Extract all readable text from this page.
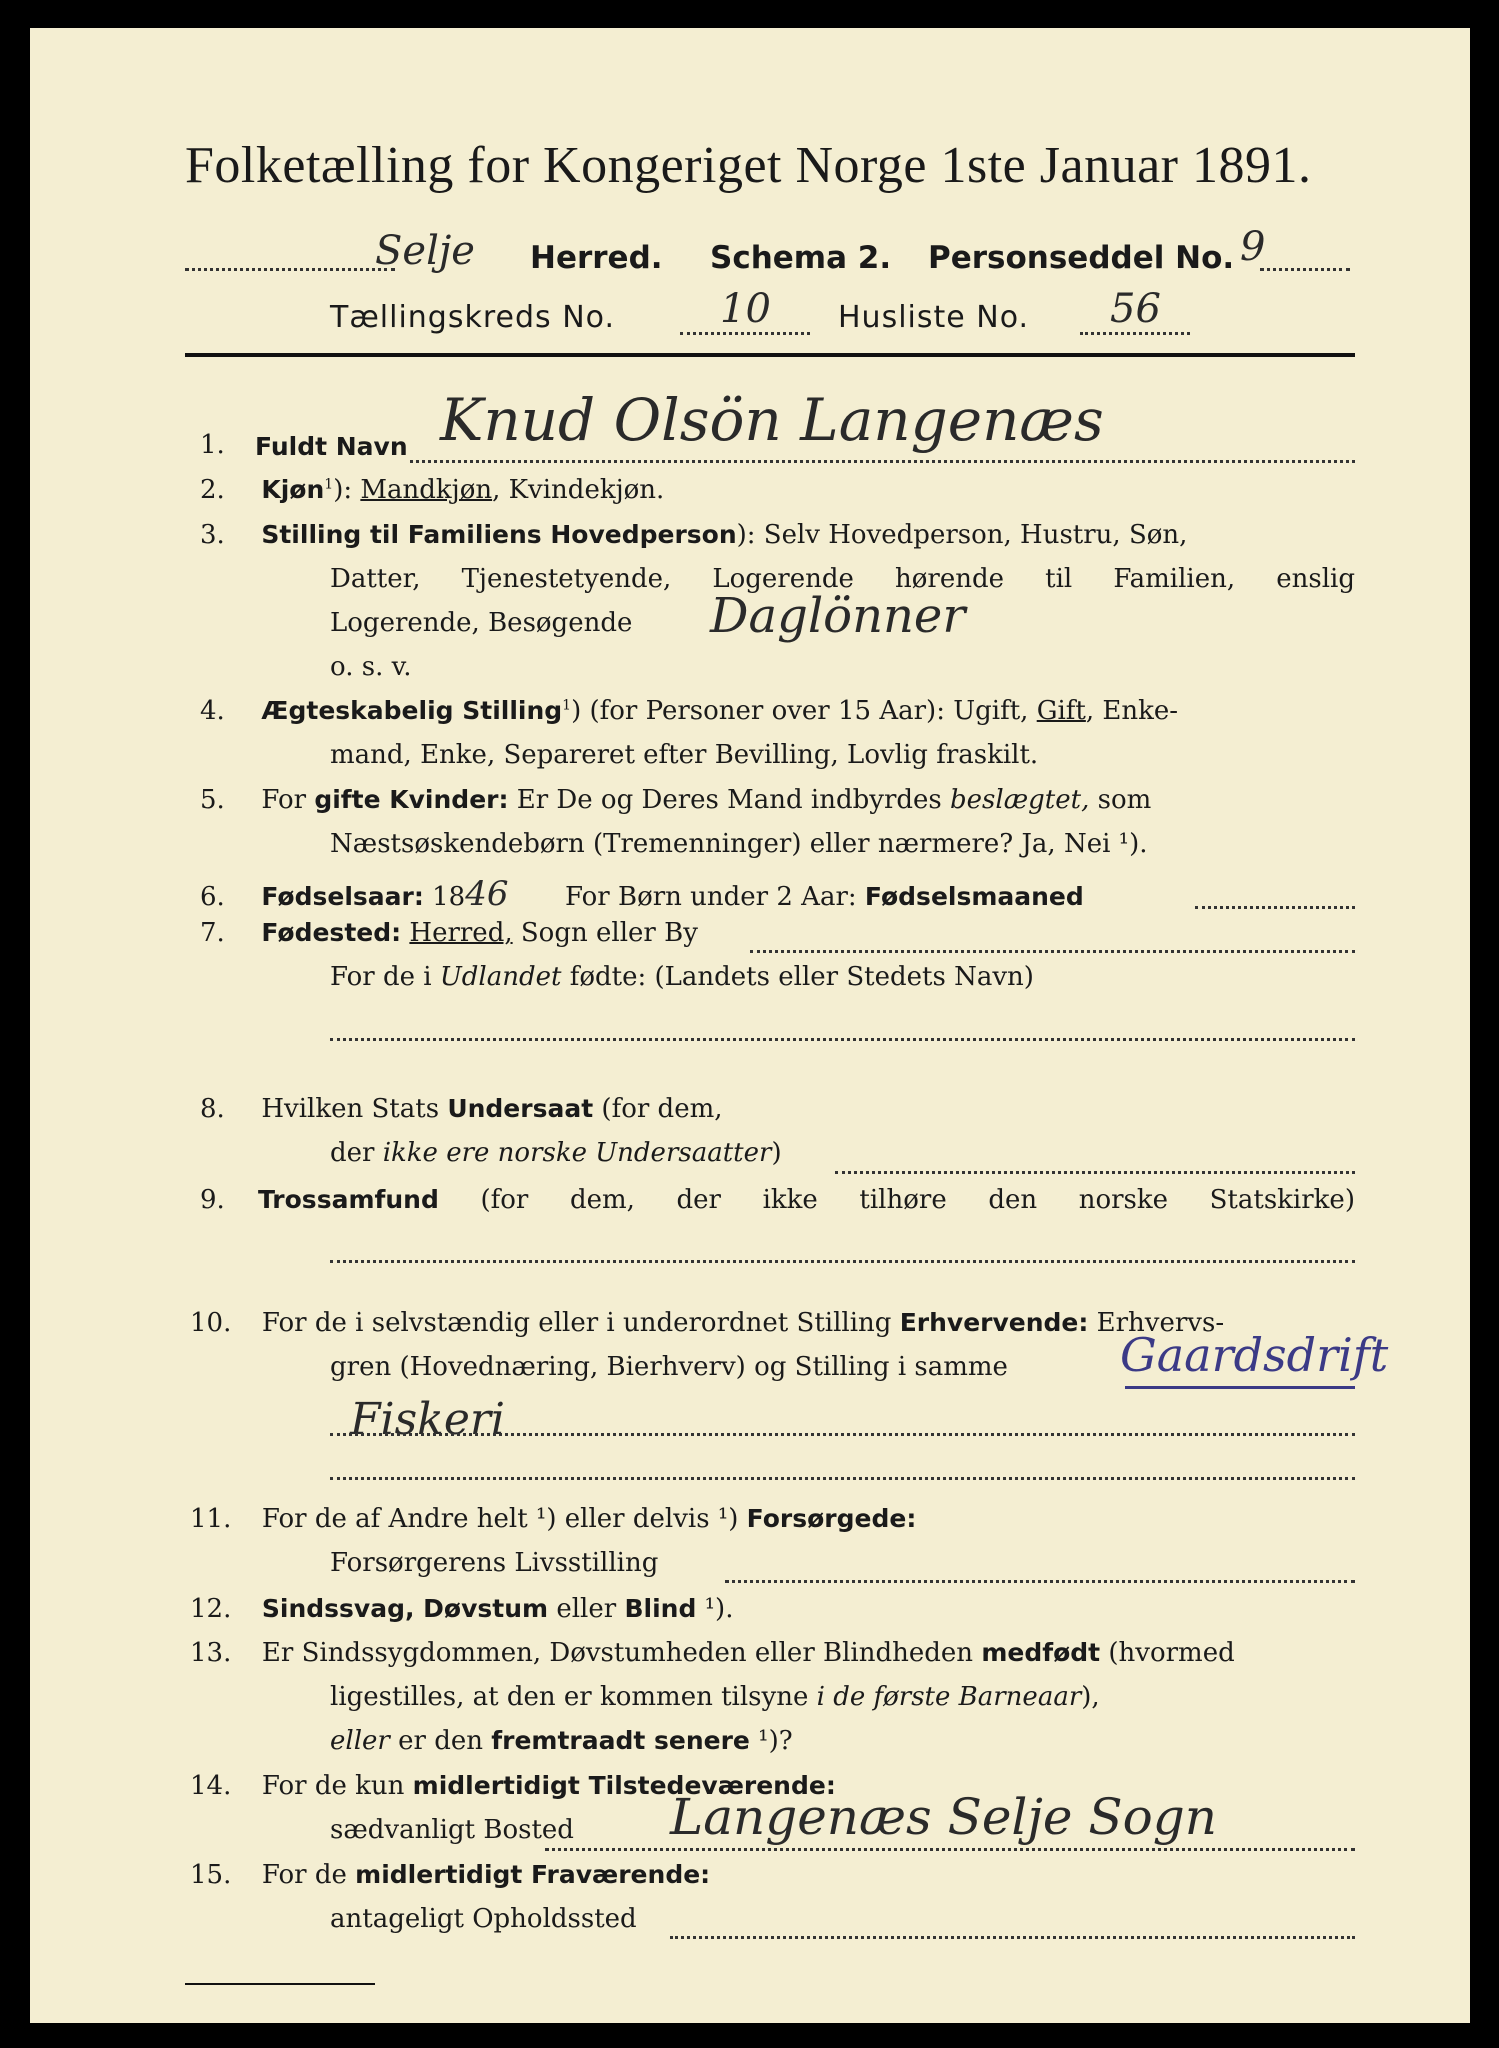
Folketælling for Kongeriget Norge 1ste Januar 1891.
Selje Herred. Schema 2. Personseddel No. 9
Tællingskreds No.	10 Husliste No. 56
1. Fuldt Navn Knud Olsön Langenæs
2. Kjøn$^1$): Mandkjøn, Kvindekjøn.
3. Stilling til Familiens Hovedperson): Selv Hovedperson, Hustru, Søn,
Datter, Tjenestetyende, Logerende hørende til Familien, enslig
Logerende, Besøgende Daglönner
o. s. v.
4. Ægteskabelig Stilling$^1$) (for Personer over 15 Aar): Ugift, Gift, Enke-
mand, Enke, Separeret efter Bevilling, Lovlig fraskilt.
5. For gifte Kvinder: Er De og Deres Mand indbyrdes beslægtet, som
Næstsøskendebørn (Tremenninger) eller nærmere? Ja, Nei ¹).
6. Fødselsaar: 1846 For Børn under 2 Aar: Fødselsmaaned
7. Fødested: Herred, Sogn eller By
For de i Udlandet fødte: (Landets eller Stedets Navn)
8. Hvilken Stats Undersaat (for dem,
der ikke ere norske Undersaatter)
9. Trossamfund (for dem, der ikke tilhøre den norske Statskirke)
10. For de i selvstændig eller i underordnet Stilling Erhvervende: Erhvervs-
gren (Hovednæring, Bierhverv) og Stilling i samme Gaardsdrift
Fiskeri
11. For de af Andre helt ¹) eller delvis ¹) Forsørgede:
Forsørgerens Livsstilling
12. Sindssvag, Døvstum eller Blind ¹).
13. Er Sindssygdommen, Døvstumheden eller Blindheden medfødt (hvormed
ligestilles, at den er kommen tilsyne i de første Barneaar),
eller er den fremtraadt senere ¹)?
14. For de kun midlertidigt Tilstedeværende:
sædvanligt Bosted Langenæs Selje Sogn
15. For de midlertidigt Fraværende:
antageligt Opholdssted
